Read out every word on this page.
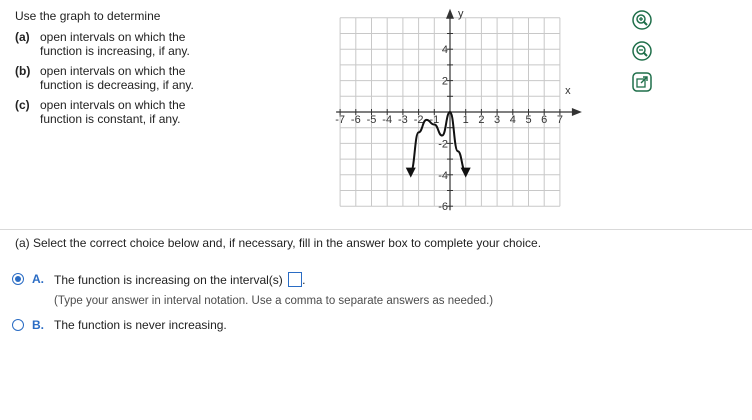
Use the graph to determine
(a) open intervals on which the function is increasing, if any.
(b) open intervals on which the function is decreasing, if any.
(c) open intervals on which the function is constant, if any.	-7 -6 -5 -4 -3 -2 -1 1 2 3 4 5 6 7
4
2
-2
-4
-6
x
y
(a) Select the correct choice below and, if necessary, fill in the answer box to complete your choice.
A. The function is increasing on the interval(s) .
(Type your answer in interval notation. Use a comma to separate answers as needed.)
B. The function is never increasing.
